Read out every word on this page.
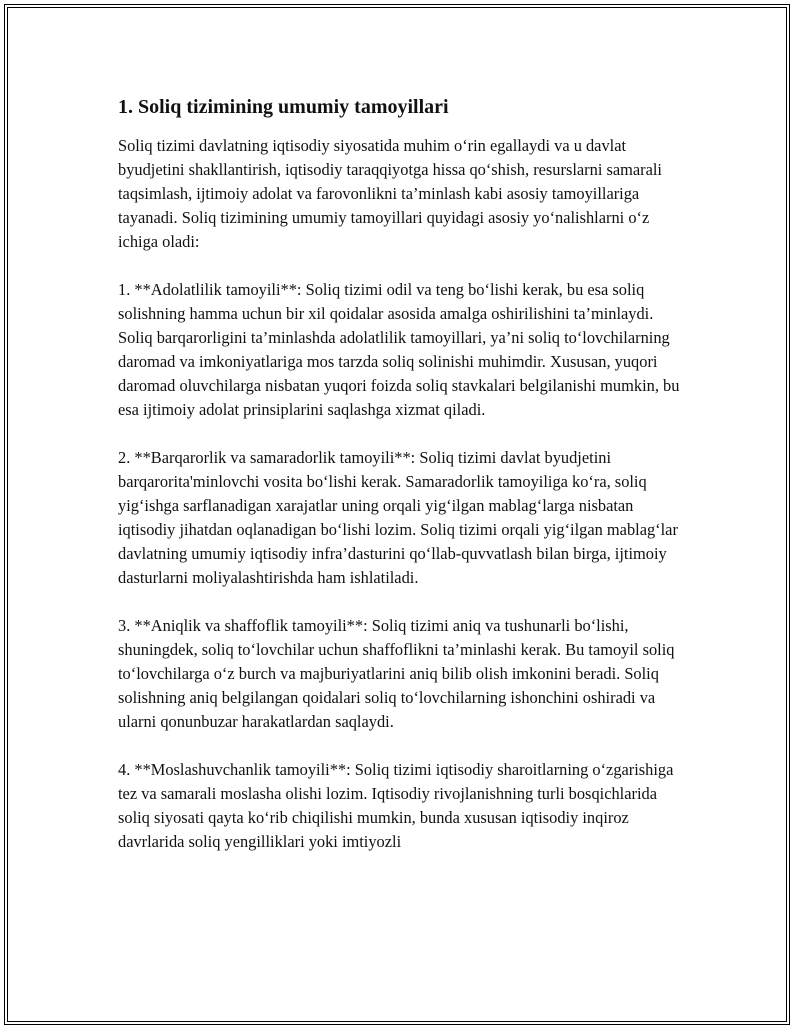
1. Soliq tizimining umumiy tamoyillari

Soliq tizimi davlatning iqtisodiy siyosatida muhim o‘rin egallaydi va u davlat byudjetini shakllantirish, iqtisodiy taraqqiyotga hissa qo‘shish, resurslarni samarali taqsimlash, ijtimoiy adolat va farovonlikni ta’minlash kabi asosiy tamoyillariga tayanadi. Soliq tizimining umumiy tamoyillari quyidagi asosiy yo‘nalishlarni o‘z ichiga oladi:

1. **Adolatlilik tamoyili**: Soliq tizimi odil va teng bo‘lishi kerak, bu esa soliq solishning hamma uchun bir xil qoidalar asosida amalga oshirilishini ta’minlaydi. Soliq barqarorligini ta’minlashda adolatlilik tamoyillari, ya’ni soliq to‘lovchilarning daromad va imkoniyatlariga mos tarzda soliq solinishi muhimdir. Xususan, yuqori daromad oluvchilarga nisbatan yuqori foizda soliq stavkalari belgilanishi mumkin, bu esa ijtimoiy adolat prinsiplarini saqlashga xizmat qiladi.

2. **Barqarorlik va samaradorlik tamoyili**: Soliq tizimi davlat byudjetini barqarorita'minlovchi vosita bo‘lishi kerak. Samaradorlik tamoyiliga ko‘ra, soliq yig‘ishga sarflanadigan xarajatlar uning orqali yig‘ilgan mablag‘larga nisbatan iqtisodiy jihatdan oqlanadigan bo‘lishi lozim. Soliq tizimi orqali yig‘ilgan mablag‘lar davlatning umumiy iqtisodiy infra’dasturini qo‘llab-quvvatlash bilan birga, ijtimoiy dasturlarni moliyalashtirishda ham ishlatiladi.

3. **Aniqlik va shaffoflik tamoyili**: Soliq tizimi aniq va tushunarli bo‘lishi, shuningdek, soliq to‘lovchilar uchun shaffoflikni ta’minlashi kerak. Bu tamoyil soliq to‘lovchilarga o‘z burch va majburiyatlarini aniq bilib olish imkonini beradi. Soliq solishning aniq belgilangan qoidalari soliq to‘lovchilarning ishonchini oshiradi va ularni qonunbuzar harakatlardan saqlaydi.

4. **Moslashuvchanlik tamoyili**: Soliq tizimi iqtisodiy sharoitlarning o‘zgarishiga tez va samarali moslasha olishi lozim. Iqtisodiy rivojlanishning turli bosqichlarida soliq siyosati qayta ko‘rib chiqilishi mumkin, bunda xususan iqtisodiy inqiroz davrlarida soliq yengilliklari yoki imtiyozli
